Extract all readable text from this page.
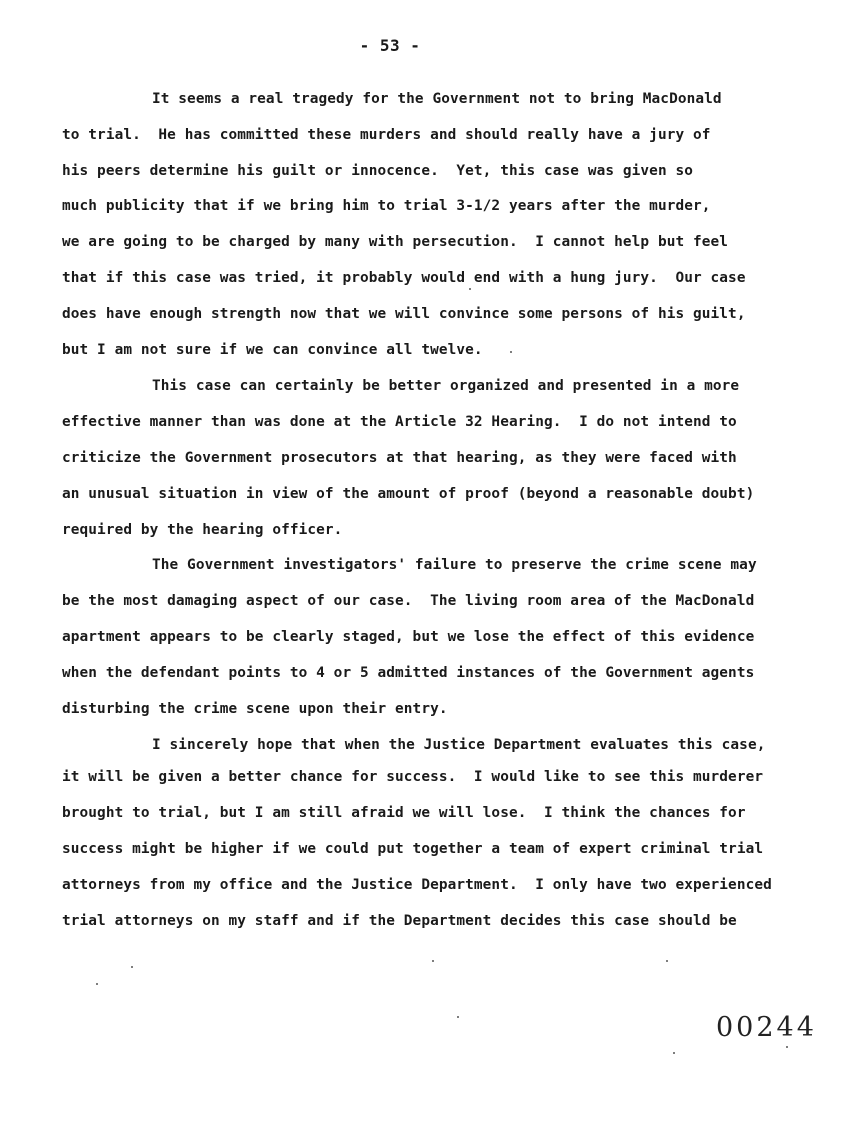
- 53 -
It seems a real tragedy for the Government not to bring MacDonald
to trial.  He has committed these murders and should really have a jury of
his peers determine his guilt or innocence.  Yet, this case was given so
much publicity that if we bring him to trial 3-1/2 years after the murder,
we are going to be charged by many with persecution.  I cannot help but feel
that if this case was tried, it probably would end with a hung jury.  Our case
does have enough strength now that we will convince some persons of his guilt,
but I am not sure if we can convince all twelve.
This case can certainly be better organized and presented in a more
effective manner than was done at the Article 32 Hearing.  I do not intend to
criticize the Government prosecutors at that hearing, as they were faced with
an unusual situation in view of the amount of proof (beyond a reasonable doubt)
required by the hearing officer.
The Government investigators' failure to preserve the crime scene may
be the most damaging aspect of our case.  The living room area of the MacDonald
apartment appears to be clearly staged, but we lose the effect of this evidence
when the defendant points to 4 or 5 admitted instances of the Government agents
disturbing the crime scene upon their entry.
I sincerely hope that when the Justice Department evaluates this case,
it will be given a better chance for success.  I would like to see this murderer
brought to trial, but I am still afraid we will lose.  I think the chances for
success might be higher if we could put together a team of expert criminal trial
attorneys from my office and the Justice Department.  I only have two experienced
trial attorneys on my staff and if the Department decides this case should be
00244
